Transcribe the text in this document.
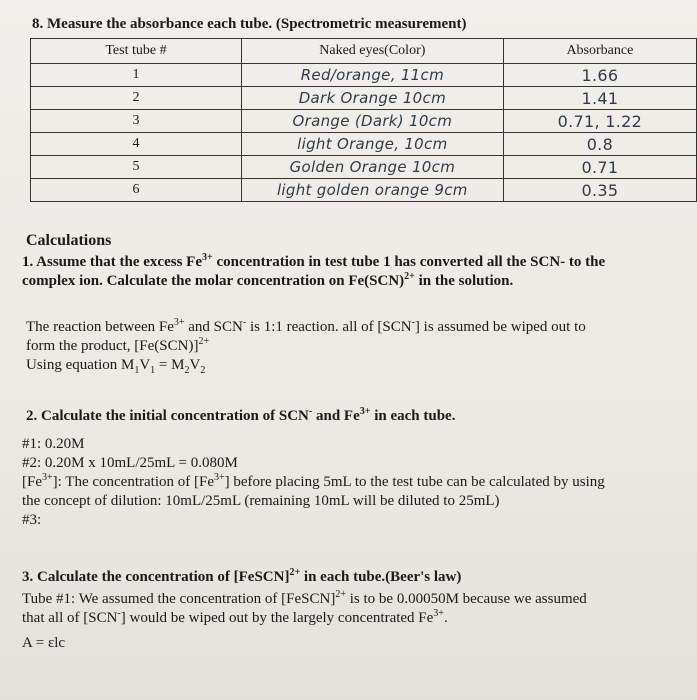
8. Measure the absorbance each tube. (Spectrometric measurement)
Test tube #	Naked eyes(Color)	Absorbance
1	Red/orange, 11cm	1.66
2	Dark Orange 10cm	1.41
3	Orange (Dark) 10cm	0.71, 1.22
4	light Orange, 10cm	0.8
5	Golden Orange 10cm	0.71
6	light golden orange 9cm	0.35
Calculations
1. Assume that the excess $Fe^{3+}$ concentration in test tube 1 has converted all the SCN- to the
complex ion. Calculate the molar concentration on Fe(SCN)$^{2+}$ in the solution.
The reaction between $Fe^{3+}$ and SCN- is 1:1 reaction. all of [SCN-] is assumed be wiped out to
form the product, $[Fe(SCN)]^{2+}$
Using equation $M_1V_1 = M_2V_2$
2. Calculate the initial concentration of SCN- and $Fe^{3+}$ in each tube.
#1: 0.20M
#2: 0.20M x 10mL/25mL = 0.080M
$[Fe^{3+}]$: The concentration of $[Fe^{3+}]$ before placing 5mL to the test tube can be calculated by using
the concept of dilution: 10mL/25mL (remaining 10mL will be diluted to 25mL)
#3:
3. Calculate the concentration of [FeSCN]$^{2+}$ in each tube.(Beer's law)
Tube #1: We assumed the concentration of [FeSCN]$^{2+}$ is to be 0.00050M because we assumed
that all of [SCN-] would be wiped out by the largely concentrated $Fe^{3+}$.
A = εlc
